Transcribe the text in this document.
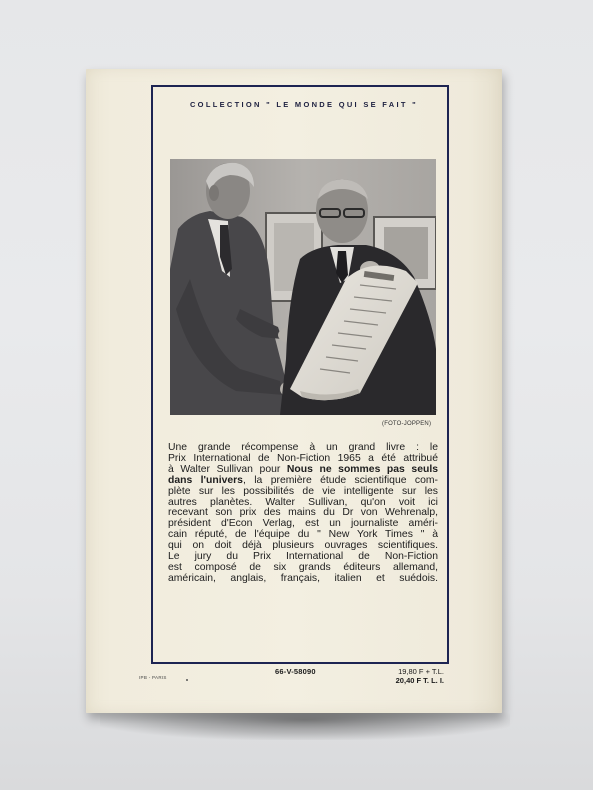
COLLECTION " LE MONDE QUI SE FAIT "
(FOTO-JOPPEN)
Une grande récompense à un grand livre : le
Prix International de Non-Fiction 1965 a été attribué
à Walter Sullivan pour Nous ne sommes pas seuls
dans l'univers, la première étude scientifique com-
plète sur les possibilités de vie intelligente sur les
autres planètes. Walter Sullivan, qu'on voit ici
recevant son prix des mains du Dr von Wehrenalp,
président d'Econ Verlag, est un journaliste améri-
cain réputé, de l'équipe du " New York Times " à
qui on doit déjà plusieurs ouvrages scientifiques.
Le jury du Prix International de Non-Fiction
est composé de six grands éditeurs allemand,
américain, anglais, français, italien et suédois.
IPB - PARIS
66-V-58090	19,80 F + T.L.
20,40 F T. L. I.
